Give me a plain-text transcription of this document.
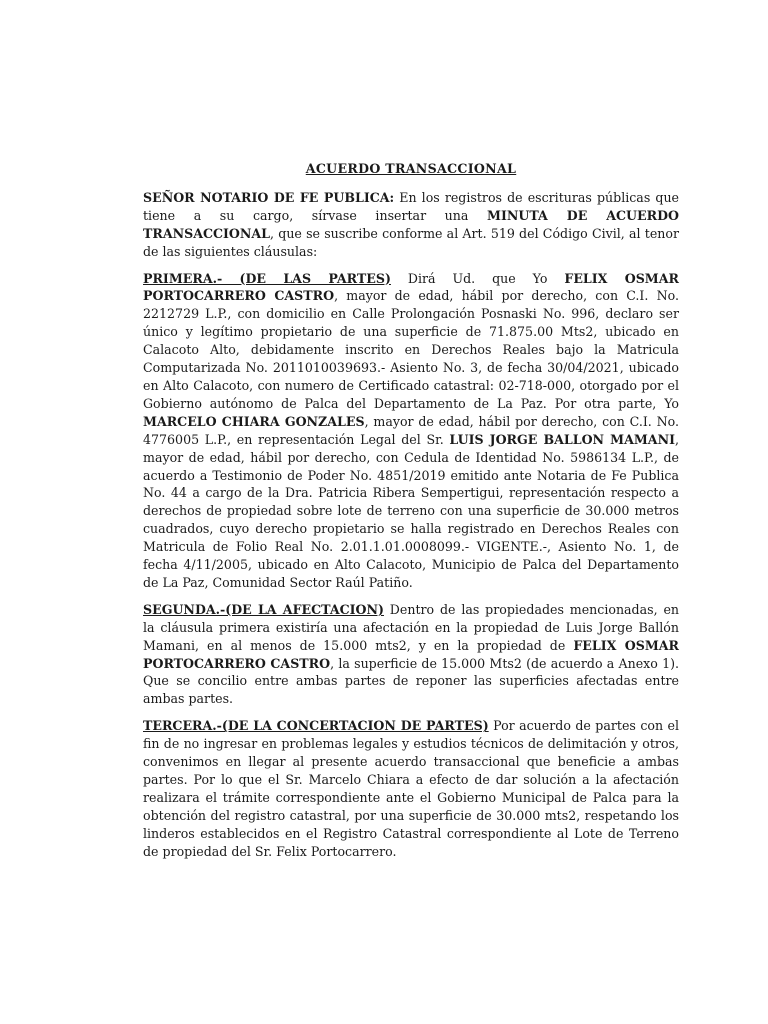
ACUERDO TRANSACCIONAL

SEÑOR NOTARIO DE FE PUBLICA: En los registros de escrituras públicas que tiene a su cargo, sírvase insertar una MINUTA DE ACUERDO TRANSACCIONAL, que se suscribe conforme al Art. 519 del Código Civil, al tenor de las siguientes cláusulas:

PRIMERA.- (DE LAS PARTES) Dirá Ud. que Yo FELIX OSMAR PORTOCARRERO CASTRO, mayor de edad, hábil por derecho, con C.I. No. 2212729 L.P., con domicilio en Calle Prolongación Posnaski No. 996, declaro ser único y legítimo propietario de una superficie de 71.875.00 Mts2, ubicado en Calacoto Alto, debidamente inscrito en Derechos Reales bajo la Matricula Computarizada No. 2011010039693.- Asiento No. 3, de fecha 30/04/2021, ubicado en Alto Calacoto, con numero de Certificado catastral: 02-718-000, otorgado por el Gobierno autónomo de Palca del Departamento de La Paz. Por otra parte, Yo MARCELO CHIARA GONZALES, mayor de edad, hábil por derecho, con C.I. No. 4776005 L.P., en representación Legal del Sr. LUIS JORGE BALLON MAMANI, mayor de edad, hábil por derecho, con Cedula de Identidad No. 5986134 L.P., de acuerdo a Testimonio de Poder No. 4851/2019 emitido ante Notaria de Fe Publica No. 44 a cargo de la Dra. Patricia Ribera Sempertigui, representación respecto a derechos de propiedad sobre lote de terreno con una superficie de 30.000 metros cuadrados, cuyo derecho propietario se halla registrado en Derechos Reales con Matricula de Folio Real No. 2.01.1.01.0008099.- VIGENTE.-, Asiento No. 1, de fecha 4/11/2005, ubicado en Alto Calacoto, Municipio de Palca del Departamento de La Paz, Comunidad Sector Raúl Patiño.

SEGUNDA.-(DE LA AFECTACION) Dentro de las propiedades mencionadas, en la cláusula primera existiría una afectación en la propiedad de Luis Jorge Ballón Mamani, en al menos de 15.000 mts2, y en la propiedad de FELIX OSMAR PORTOCARRERO CASTRO, la superficie de 15.000 Mts2 (de acuerdo a Anexo 1). Que se concilio entre ambas partes de reponer las superficies afectadas entre ambas partes.

TERCERA.-(DE LA CONCERTACION DE PARTES) Por acuerdo de partes con el fin de no ingresar en problemas legales y estudios técnicos de delimitación y otros, convenimos en llegar al presente acuerdo transaccional que beneficie a ambas partes. Por lo que el Sr. Marcelo Chiara a efecto de dar solución a la afectación realizara el trámite correspondiente ante el Gobierno Municipal de Palca para la obtención del registro catastral, por una superficie de 30.000 mts2, respetando los linderos establecidos en el Registro Catastral correspondiente al Lote de Terreno de propiedad del Sr. Felix Portocarrero.
